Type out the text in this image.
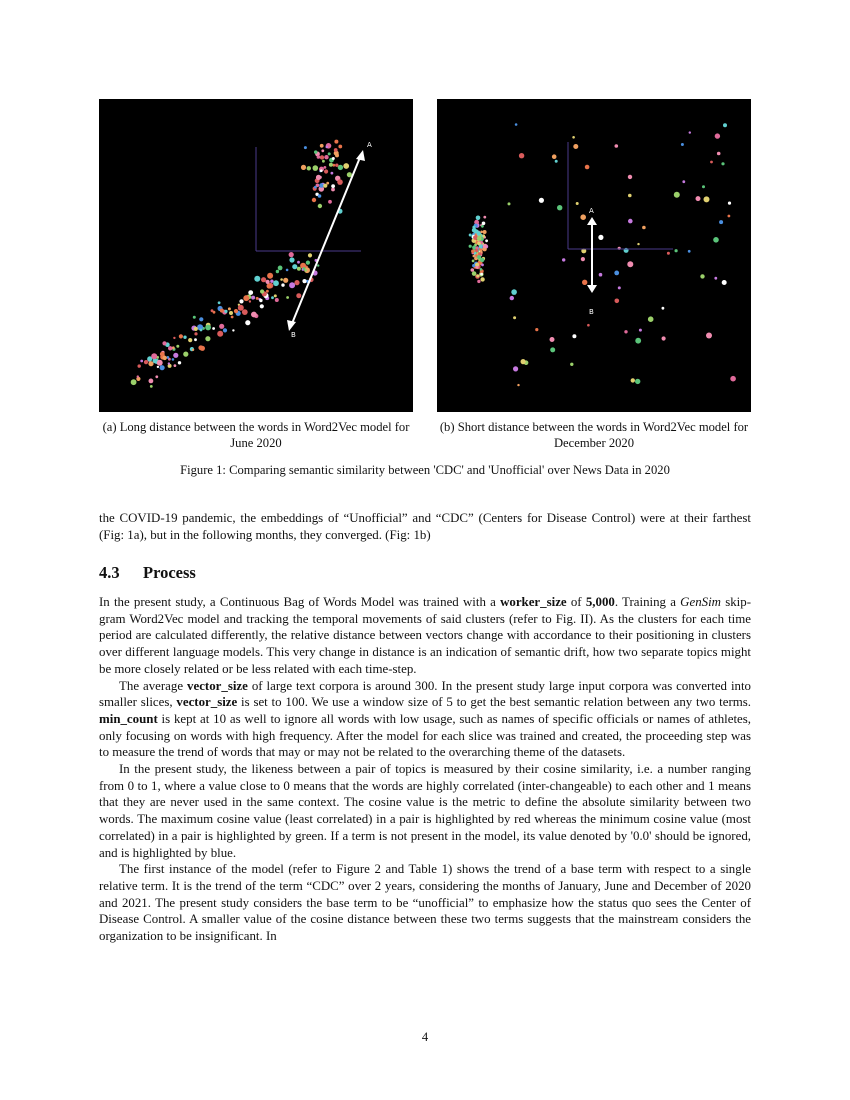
A
B
A
B
(a) Long distance between the words in Word2Vec model for June 2020
(b) Short distance between the words in Word2Vec model for December 2020
Figure 1: Comparing semantic similarity between 'CDC' and 'Unofficial' over News Data in 2020

the COVID-19 pandemic, the embeddings of “Unofficial” and “CDC” (Centers for Disease Control) were at their farthest (Fig: 1a), but in the following months, they converged. (Fig: 1b)

4.3 Process

In the present study, a Continuous Bag of Words Model was trained with a worker_size of 5,000. Training a GenSim skip-gram Word2Vec model and tracking the temporal movements of said clusters (refer to Fig. II). As the clusters for each time period are calculated differently, the relative distance between vectors change with accordance to their positioning in clusters over different language models. This very change in distance is an indication of semantic drift, how two separate topics might be more closely related or be less related with each time-step.

The average vector_size of large text corpora is around 300. In the present study large input corpora was converted into smaller slices, vector_size is set to 100. We use a window size of 5 to get the best semantic relation between any two terms. min_count is kept at 10 as well to ignore all words with low usage, such as names of specific officials or names of athletes, only focusing on words with high frequency. After the model for each slice was trained and created, the proceeding step was to measure the trend of words that may or may not be related to the overarching theme of the datasets.

In the present study, the likeness between a pair of topics is measured by their cosine similarity, i.e. a number ranging from 0 to 1, where a value close to 0 means that the words are highly correlated (inter-changeable) to each other and 1 means that they are never used in the same context. The cosine value is the metric to define the absolute similarity between two words. The maximum cosine value (least correlated) in a pair is highlighted by red whereas the minimum cosine value (most correlated) in a pair is highlighted by green. If a term is not present in the model, its value denoted by '0.0' should be ignored, and is highlighted by blue.

The first instance of the model (refer to Figure 2 and Table 1) shows the trend of a base term with respect to a single relative term. It is the trend of the term “CDC” over 2 years, considering the months of January, June and December of 2020 and 2021. The present study considers the base term to be “unofficial” to emphasize how the status quo sees the Center of Disease Control. A smaller value of the cosine distance between these two terms suggests that the mainstream considers the organization to be insignificant. In

4
